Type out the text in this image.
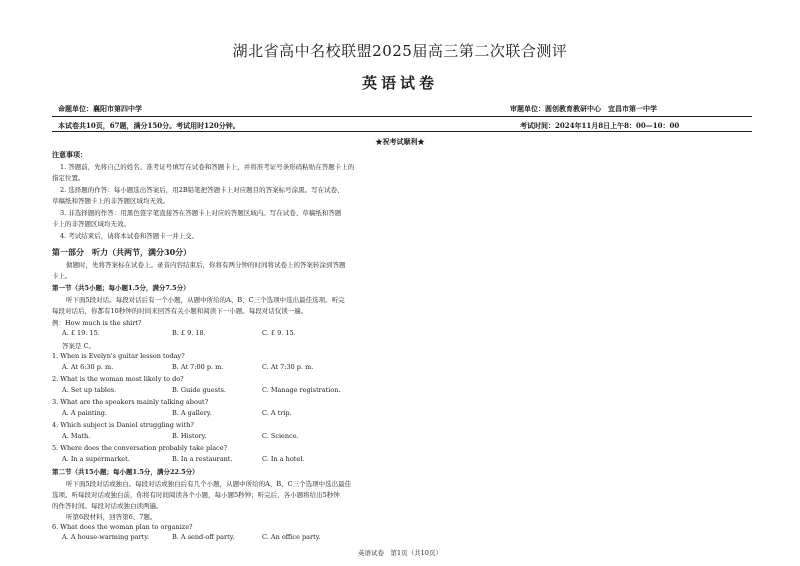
湖北省高中名校联盟2025届高三第二次联合测评
英语试卷
命题单位：襄阳市第四中学	审题单位：圆创教育教研中心　宜昌市第一中学
本试卷共10页，67题，满分150分。考试用时120分钟。	考试时间：2024年11月8日上午8：00—10：00
★祝考试顺利★
注意事项：
1. 答题前，先将自己的姓名、准考证号填写在试卷和答题卡上，并将准考证号条形码粘贴在答题卡上的
指定位置。
2. 选择题的作答：每小题选出答案后，用2B铅笔把答题卡上对应题目的答案标号涂黑。写在试卷、
草稿纸和答题卡上的非答题区域均无效。
3. 非选择题的作答：用黑色签字笔直接答在答题卡上对应的答题区域内。写在试卷、草稿纸和答题
卡上的非答题区域均无效。
4. 考试结束后，请将本试卷和答题卡一并上交。
第一部分　听力（共两节，满分30分）
做题时，先将答案标在试卷上。录音内容结束后，你将有两分钟的时间将试卷上的答案转涂到答题
卡上。
第一节（共5小题；每小题1.5分，满分7.5分）
听下面5段对话。每段对话后有一个小题，从题中所给的A、B、C三个选项中选出最佳选项。听完
每段对话后，你都有10秒钟的时间来回答有关小题和阅读下一小题。每段对话仅读一遍。
例：How much is the shirt?
A. £ 19. 15.	B. £ 9. 18.	C. £ 9. 15.
答案是 C。
1. When is Evelyn's guitar lesson today?
A. At 6:30 p. m.	B. At 7:00 p. m.	C. At 7:30 p. m.
2. What is the woman most likely to do?
A. Set up tables.	B. Guide guests.	C. Manage registration.
3. What are the speakers mainly talking about?
A. A painting.	B. A gallery.	C. A trip.
4. Which subject is Daniel struggling with?
A. Math.	B. History.	C. Science.
5. Where does the conversation probably take place?
A. In a supermarket.	B. In a restaurant.	C. In a hotel.
第二节（共15小题；每小题1.5分，满分22.5分）
听下面5段对话或独白。每段对话或独白后有几个小题，从题中所给的A、B、C三个选项中选出最佳
选项。听每段对话或独白前，你将有时间阅读各个小题，每小题5秒钟；听完后，各小题将给出5秒钟
的作答时间。每段对话或独白读两遍。
听第6段材料，回答第6、7题。
6. What does the woman plan to organize?
A. A house-warming party.	B. A send-off party.	C. An office party.
英语试卷　第1页（共10页）
